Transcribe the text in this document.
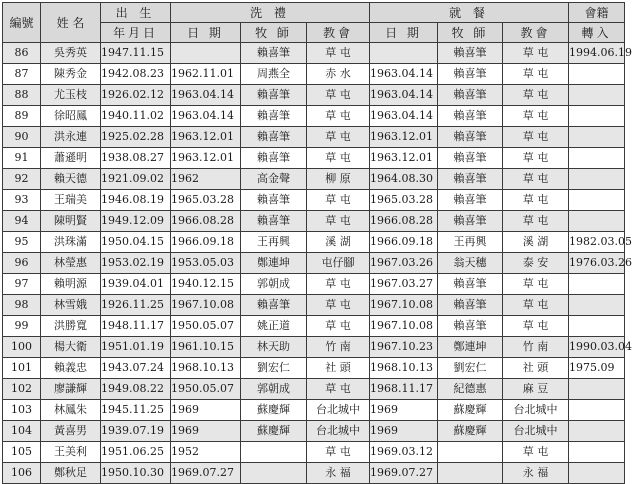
編號	姓 名	出 生	洗 禮			就 餐			會籍
		年月日	日 期	牧 師	教會	日 期	牧 師	教會	轉入
86	吳秀英	1947.11.15		賴喜筆	草 屯		賴喜筆	草 屯	1994.06.19
87	陳秀金	1942.08.23	1962.11.01	周燕全	赤 水	1963.04.14	賴喜筆	草 屯	
88	尤玉枝	1926.02.12	1963.04.14	賴喜筆	草 屯	1963.04.14	賴喜筆	草 屯	
89	徐昭鳳	1940.11.02	1963.04.14	賴喜筆	草 屯	1963.04.14	賴喜筆	草 屯	
90	洪永連	1925.02.28	1963.12.01	賴喜筆	草 屯	1963.12.01	賴喜筆	草 屯	
91	蕭遜明	1938.08.27	1963.12.01	賴喜筆	草 屯	1963.12.01	賴喜筆	草 屯	
92	賴天德	1921.09.02	1962	高金聲	柳 原	1964.08.30	賴喜筆	草 屯	
93	王瑞美	1946.08.19	1965.03.28	賴喜筆	草 屯	1965.03.28	賴喜筆	草 屯	
94	陳明賢	1949.12.09	1966.08.28	賴喜筆	草 屯	1966.08.28	賴喜筆	草 屯	
95	洪珠滿	1950.04.15	1966.09.18	王再興	溪 湖	1966.09.18	王再興	溪 湖	1982.03.05
96	林瑩惠	1953.02.19	1953.05.03	鄭連坤	屯仔腳	1967.03.26	翁天穗	泰 安	1976.03.26
97	賴明源	1939.04.01	1940.12.15	郭朝成	草 屯	1967.03.27	賴喜筆	草 屯	
98	林雪娥	1926.11.25	1967.10.08	賴喜筆	草 屯	1967.10.08	賴喜筆	草 屯	
99	洪勝寬	1948.11.17	1950.05.07	姚正道	草 屯	1967.10.08	賴喜筆	草 屯	
100	楊大衛	1951.01.19	1961.10.15	林天助	竹 南	1967.10.23	鄭連坤	竹 南	1990.03.04
101	賴義忠	1943.07.24	1968.10.13	劉宏仁	社 頭	1968.10.13	劉宏仁	社 頭	1975.09
102	廖謙輝	1949.08.22	1950.05.07	郭朝成	草 屯	1968.11.17	紀德惠	麻 豆	
103	林鳳朱	1945.11.25	1969	蘇慶輝	台北城中	1969	蘇慶輝	台北城中	
104	黃喜男	1939.07.19	1969	蘇慶輝	台北城中	1969	蘇慶輝	台北城中	
105	王美利	1951.06.25	1952		草 屯	1969.03.12		草 屯	
106	鄭秋足	1950.10.30	1969.07.27		永 福	1969.07.27		永 福	
